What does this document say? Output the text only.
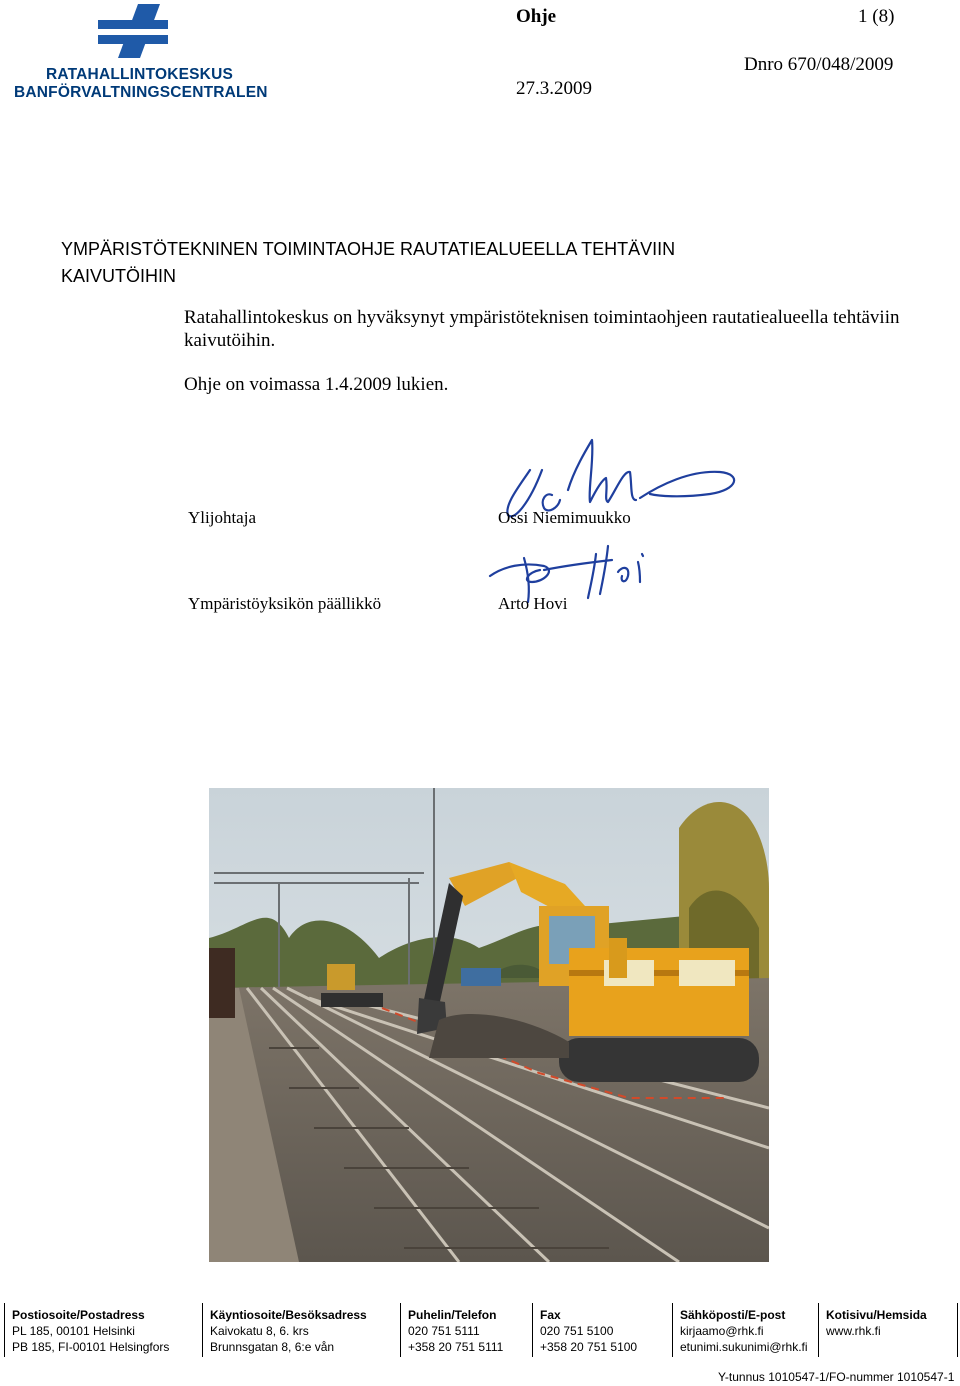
RATAHALLINTOKESKUS
BANFÖRVALTNINGSCENTRALEN
Ohje	1 (8)
27.3.2009
Dnro 670/048/2009
YMPÄRISTÖTEKNINEN TOIMINTAOHJE RAUTATIEALUEELLA TEHTÄVIIN
KAIVUTÖIHIN
Ratahallintokeskus on hyväksynyt ympäristöteknisen toimintaohjeen rautatiealueella tehtäviin kaivutöihin.
Ohje on voimassa 1.4.2009 lukien.
Ylijohtaja	Ossi Niemimuukko
Ympäristöyksikön päällikkö	Arto Hovi
Postiosoite/Postadress
PL 185, 00101 Helsinki
PB 185, FI-00101 Helsingfors
Käyntiosoite/Besöksadress
Kaivokatu 8, 6. krs
Brunnsgatan 8, 6:e vån
Puhelin/Telefon
020 751 5111
+358 20 751 5111
Fax
020 751 5100
+358 20 751 5100
Sähköposti/E-post
kirjaamo@rhk.fi
etunimi.sukunimi@rhk.fi
Kotisivu/Hemsida
www.rhk.fi
Y-tunnus 1010547-1/FO-nummer 1010547-1
